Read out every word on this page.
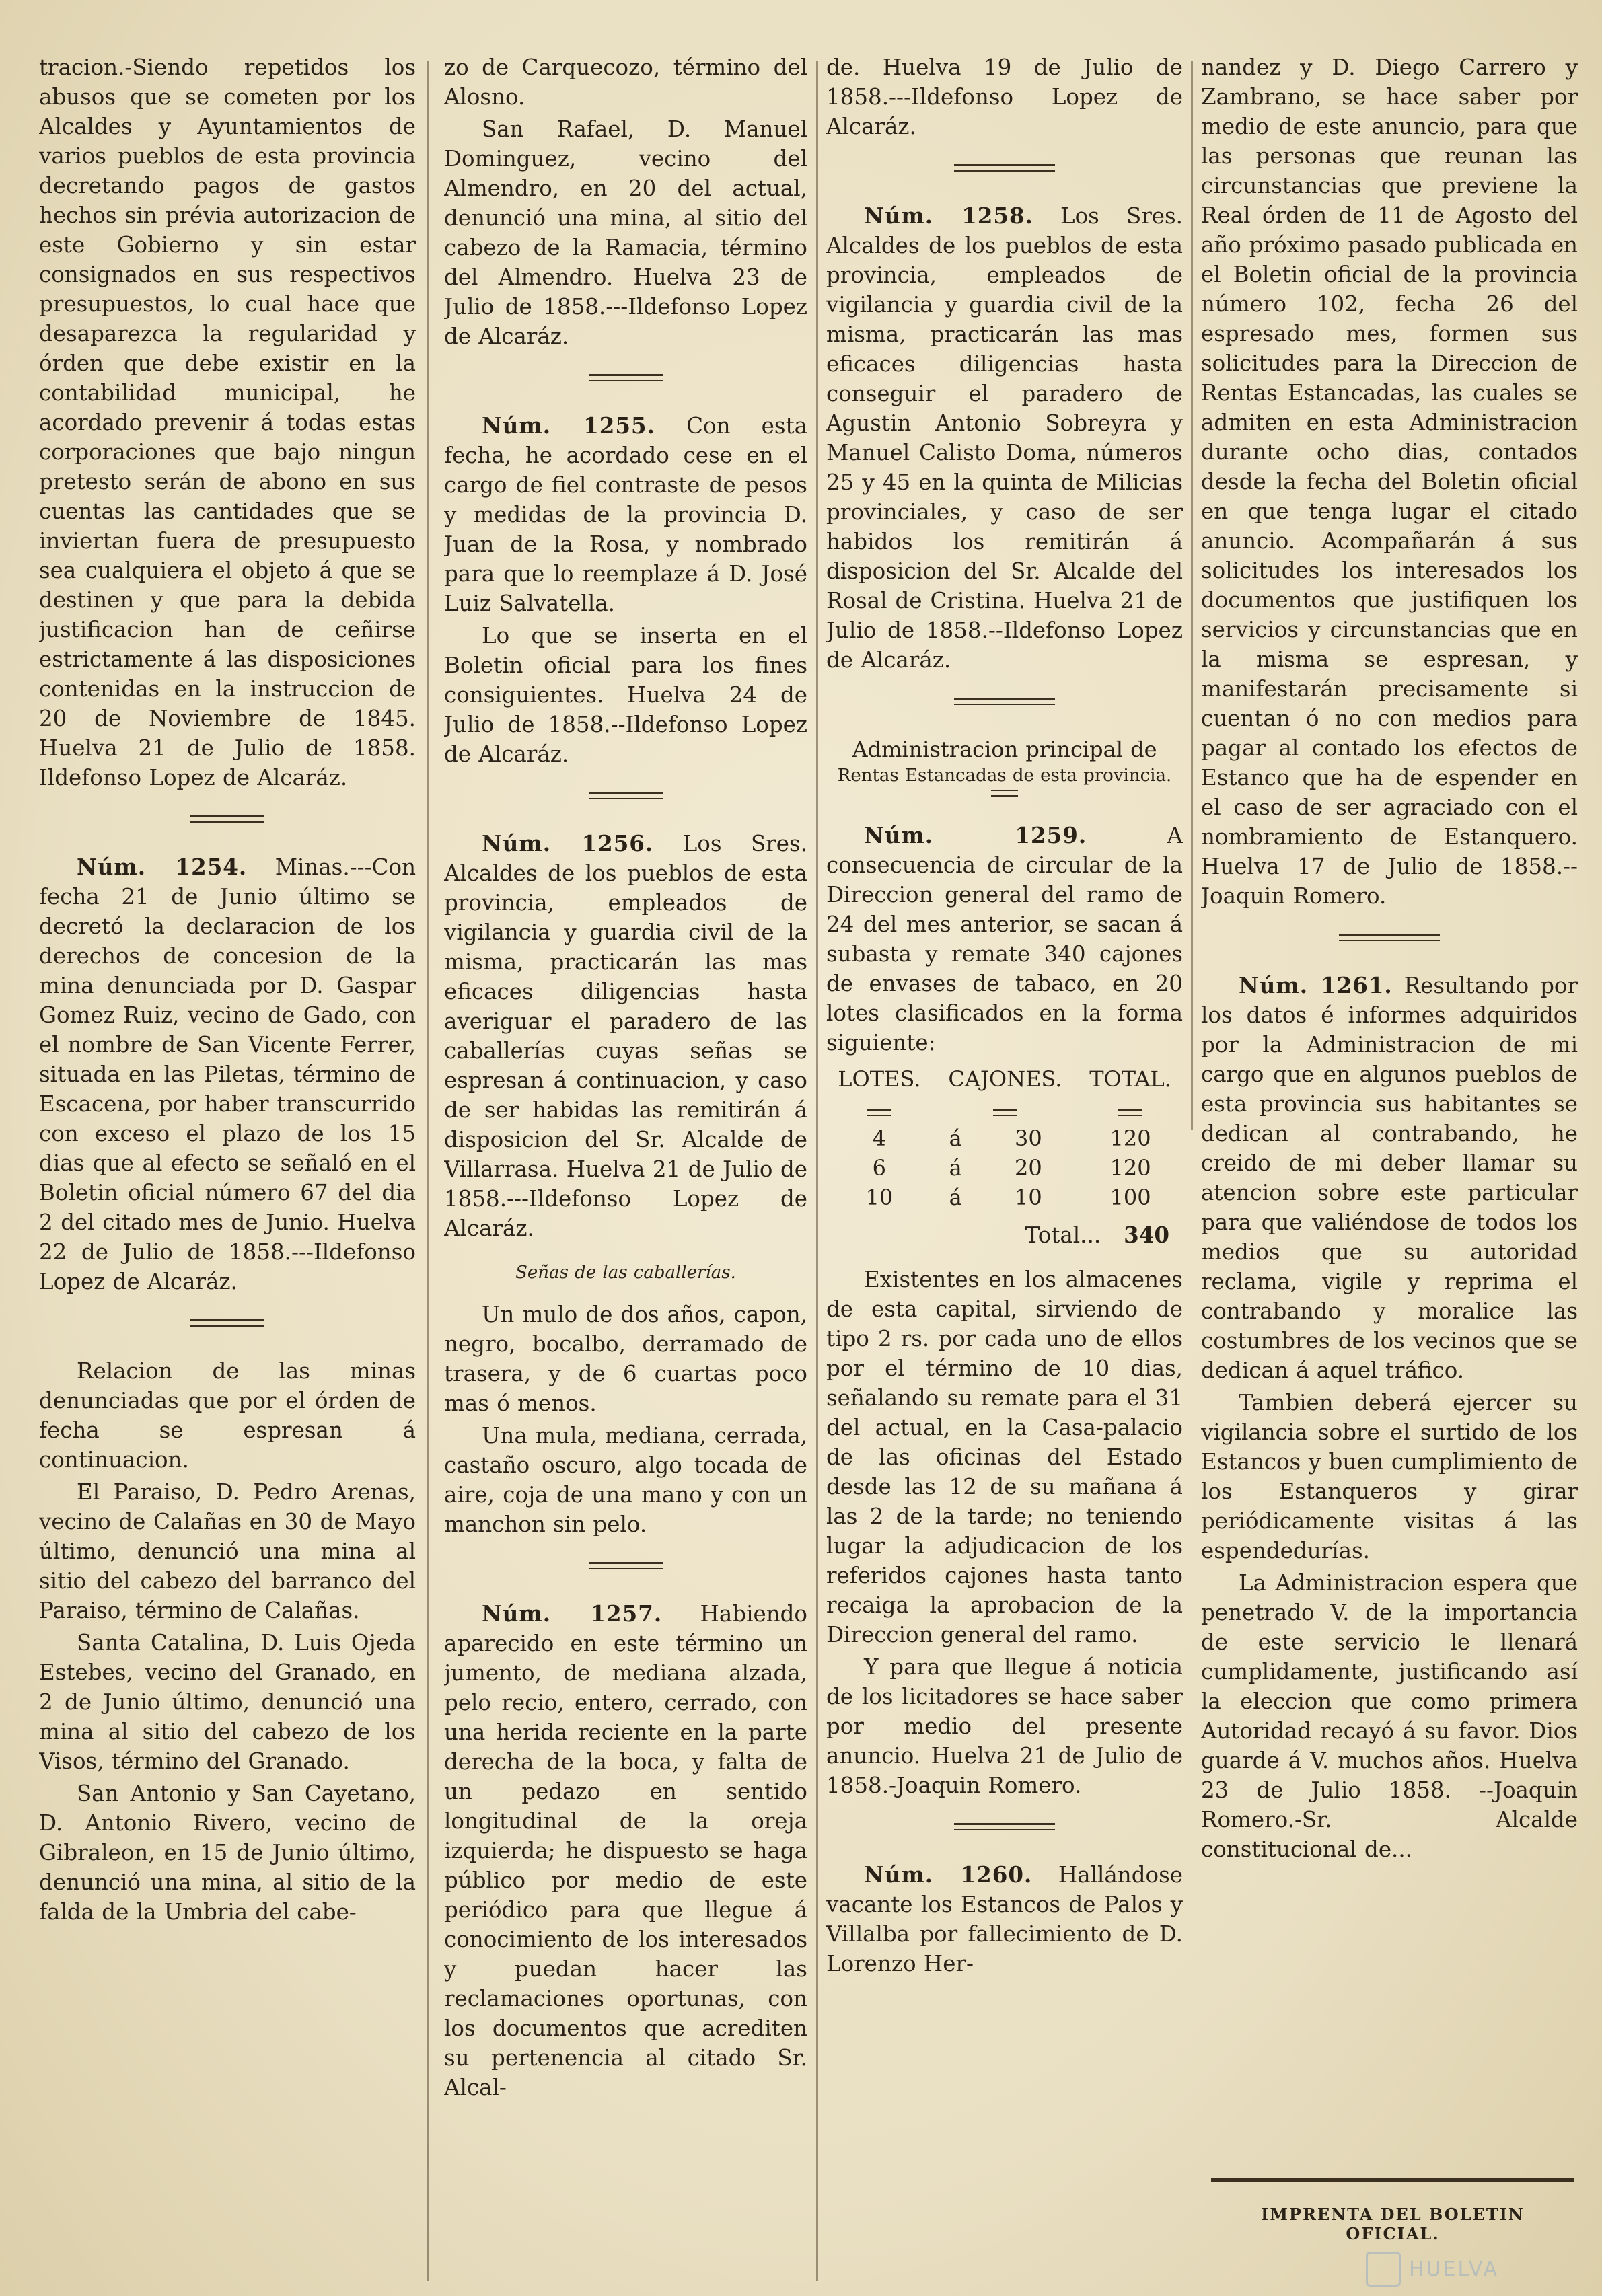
tracion.-Siendo repetidos los abusos que se cometen por los Alcaldes y Ayuntamientos de varios pueblos de esta provincia decretando pagos de gastos hechos sin prévia autorizacion de este Gobierno y sin estar consignados en sus respectivos presupuestos, lo cual hace que desaparezca la regularidad y órden que debe existir en la contabilidad municipal, he acordado prevenir á todas estas corporaciones que bajo ningun pretesto serán de abono en sus cuentas las cantidades que se inviertan fuera de presupuesto sea cualquiera el objeto á que se destinen y que para la debida justificacion han de ceñirse estrictamente á las disposiciones contenidas en la instruccion de 20 de Noviembre de 1845. Huelva 21 de Julio de 1858. Ildefonso Lopez de Alcaráz.

Núm. 1254. Minas.---Con fecha 21 de Junio último se decretó la declaracion de los derechos de concesion de la mina denunciada por D. Gaspar Gomez Ruiz, vecino de Gado, con el nombre de San Vicente Ferrer, situada en las Piletas, término de Escacena, por haber transcurrido con exceso el plazo de los 15 dias que al efecto se señaló en el Boletin oficial número 67 del dia 2 del citado mes de Junio. Huelva 22 de Julio de 1858.---Ildefonso Lopez de Alcaráz.

Relacion de las minas denunciadas que por el órden de fecha se espresan á continuacion.

El Paraiso, D. Pedro Arenas, vecino de Calañas en 30 de Mayo último, denunció una mina al sitio del cabezo del barranco del Paraiso, término de Calañas.

Santa Catalina, D. Luis Ojeda Estebes, vecino del Granado, en 2 de Junio último, denunció una mina al sitio del cabezo de los Visos, término del Granado.

San Antonio y San Cayetano, D. Antonio Rivero, vecino de Gibraleon, en 15 de Junio último, denunció una mina, al sitio de la falda de la Umbria del cabe-

zo de Carquecozo, término del Alosno.

San Rafael, D. Manuel Dominguez, vecino del Almendro, en 20 del actual, denunció una mina, al sitio del cabezo de la Ramacia, término del Almendro. Huelva 23 de Julio de 1858.---Ildefonso Lopez de Alcaráz.

Núm. 1255. Con esta fecha, he acordado cese en el cargo de fiel contraste de pesos y medidas de la provincia D. Juan de la Rosa, y nombrado para que lo reemplaze á D. José Luiz Salvatella.

Lo que se inserta en el Boletin oficial para los fines consiguientes. Huelva 24 de Julio de 1858.--Ildefonso Lopez de Alcaráz.

Núm. 1256. Los Sres. Alcaldes de los pueblos de esta provincia, empleados de vigilancia y guardia civil de la misma, practicarán las mas eficaces diligencias hasta averiguar el paradero de las caballerías cuyas señas se espresan á continuacion, y caso de ser habidas las remitirán á disposicion del Sr. Alcalde de Villarrasa. Huelva 21 de Julio de 1858.---Ildefonso Lopez de Alcaráz.

Señas de las caballerías.

Un mulo de dos años, capon, negro, bocalbo, derramado de trasera, y de 6 cuartas poco mas ó menos.

Una mula, mediana, cerrada, castaño oscuro, algo tocada de aire, coja de una mano y con un manchon sin pelo.

Núm. 1257. Habiendo aparecido en este término un jumento, de mediana alzada, pelo recio, entero, cerrado, con una herida reciente en la parte derecha de la boca, y falta de un pedazo en sentido longitudinal de la oreja izquierda; he dispuesto se haga público por medio de este periódico para que llegue á conocimiento de los interesados y puedan hacer las reclamaciones oportunas, con los documentos que acrediten su pertenencia al citado Sr. Alcal-

de. Huelva 19 de Julio de 1858.---Ildefonso Lopez de Alcaráz.

Núm. 1258. Los Sres. Alcaldes de los pueblos de esta provincia, empleados de vigilancia y guardia civil de la misma, practicarán las mas eficaces diligencias hasta conseguir el paradero de Agustin Antonio Sobreyra y Manuel Calisto Doma, números 25 y 45 en la quinta de Milicias provinciales, y caso de ser habidos los remitirán á disposicion del Sr. Alcalde del Rosal de Cristina. Huelva 21 de Julio de 1858.--Ildefonso Lopez de Alcaráz.

Administracion principal de

Rentas Estancadas de esta provincia.

Núm. 1259. A consecuencia de circular de la Direccion general del ramo de 24 del mes anterior, se sacan á subasta y remate 340 cajones de envases de tabaco, en 20 lotes clasificados en la forma siguiente:

LOTES.	CAJONES.		TOTAL.

4	á	30	120
6	á	20	120
10	á	10	100

Total... 340

Existentes en los almacenes de esta capital, sirviendo de tipo 2 rs. por cada uno de ellos por el término de 10 dias, señalando su remate para el 31 del actual, en la Casa-palacio de las oficinas del Estado desde las 12 de su mañana á las 2 de la tarde; no teniendo lugar la adjudicacion de los referidos cajones hasta tanto recaiga la aprobacion de la Direccion general del ramo.

Y para que llegue á noticia de los licitadores se hace saber por medio del presente anuncio. Huelva 21 de Julio de 1858.-Joaquin Romero.

Núm. 1260. Hallándose vacante los Estancos de Palos y Villalba por fallecimiento de D. Lorenzo Her-

nandez y D. Diego Carrero y Zambrano, se hace saber por medio de este anuncio, para que las personas que reunan las circunstancias que previene la Real órden de 11 de Agosto del año próximo pasado publicada en el Boletin oficial de la provincia número 102, fecha 26 del espresado mes, formen sus solicitudes para la Direccion de Rentas Estancadas, las cuales se admiten en esta Administracion durante ocho dias, contados desde la fecha del Boletin oficial en que tenga lugar el citado anuncio. Acompañarán á sus solicitudes los interesados los documentos que justifiquen los servicios y circunstancias que en la misma se espresan, y manifestarán precisamente si cuentan ó no con medios para pagar al contado los efectos de Estanco que ha de espender en el caso de ser agraciado con el nombramiento de Estanquero. Huelva 17 de Julio de 1858.--Joaquin Romero.

Núm. 1261. Resultando por los datos é informes adquiridos por la Administracion de mi cargo que en algunos pueblos de esta provincia sus habitantes se dedican al contrabando, he creido de mi deber llamar su atencion sobre este particular para que valiéndose de todos los medios que su autoridad reclama, vigile y reprima el contrabando y moralice las costumbres de los vecinos que se dedican á aquel tráfico.

Tambien deberá ejercer su vigilancia sobre el surtido de los Estancos y buen cumplimiento de los Estanqueros y girar periódicamente visitas á las espendedurías.

La Administracion espera que penetrado V. de la importancia de este servicio le llenará cumplidamente, justificando así la eleccion que como primera Autoridad recayó á su favor. Dios guarde á V. muchos años. Huelva 23 de Julio 1858. --Joaquin Romero.-Sr. Alcalde constitucional de...

IMPRENTA DEL BOLETIN OFICIAL.
HUELVA
